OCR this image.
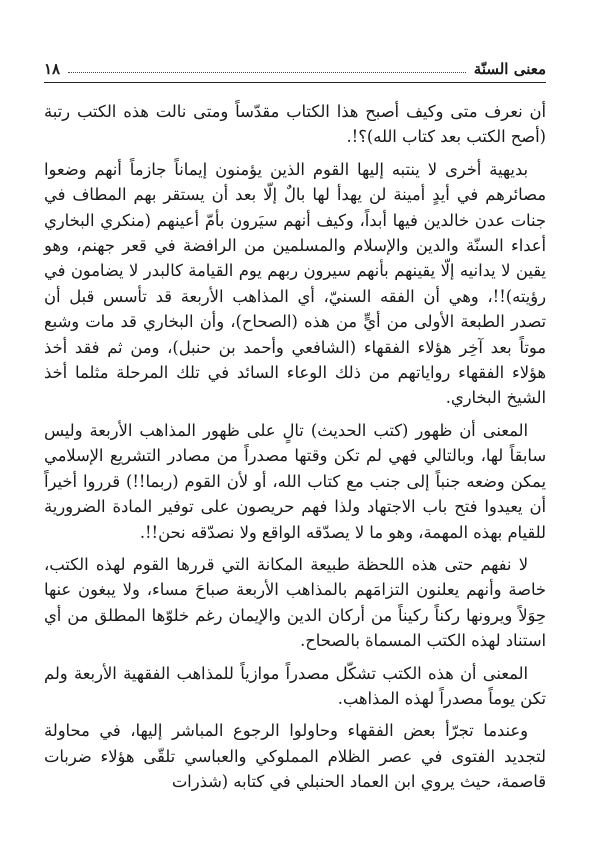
معنى السنّة
١٨

أن نعرف متى وكيف أصبح هذا الكتاب مقدّساً ومتى نالت هذه الكتب رتبة (أصح الكتب بعد كتاب الله)؟!.

بديهية أخرى لا ينتبه إليها القوم الذين يؤمنون إيماناً جازماً أنهم وضعوا مصائرهم في أيدٍ أمينة لن يهدأ لها بالٌ إلّا بعد أن يستقر بهم المطاف في جنات عدن خالدين فيها أبداً، وكيف أنهم سيَرون بأمّ أعينهم (منكري البخاري أعداء السنّة والدين والإسلام والمسلمين من الرافضة في قعر جهنم، وهو يقين لا يدانيه إلّا يقينهم بأنهم سيرون ربهم يوم القيامة كالبدر لا يضامون في رؤيته)!!، وهي أن الفقه السنيّ، أي المذاهب الأربعة قد تأسس قبل أن تصدر الطبعة الأولى من أيٍّ من هذه (الصحاح)، وأن البخاري قد مات وشبع موتاً بعد آخِر هؤلاء الفقهاء (الشافعي وأحمد بن حنبل)، ومن ثم فقد أخذ هؤلاء الفقهاء رواياتهم من ذلك الوعاء السائد في تلك المرحلة مثلما أخذ الشيخ البخاري.

المعنى أن ظهور (كتب الحديث) تالٍ على ظهور المذاهب الأربعة وليس سابقاً لها، وبالتالي فهي لم تكن وقتها مصدراً من مصادر التشريع الإسلامي يمكن وضعه جنباً إلى جنب مع كتاب الله، أو لأن القوم (ربما!!) قرروا أخيراً أن يعيدوا فتح باب الاجتهاد ولذا فهم حريصون على توفير المادة الضرورية للقيام بهذه المهمة، وهو ما لا يصدّقه الواقع ولا نصدّقه نحن!!.

لا نفهم حتى هذه اللحظة طبيعة المكانة التي قررها القوم لهذه الكتب، خاصة وأنهم يعلنون التزامَهم بالمذاهب الأربعة صباحَ مساء، ولا يبغون عنها حِوَلاً ويرونها ركناً ركيناً من أركان الدين والإيمان رغم خلوّها المطلق من أي استناد لهذه الكتب المسماة بالصحاح.

المعنى أن هذه الكتب تشكّل مصدراً موازياً للمذاهب الفقهية الأربعة ولم تكن يوماً مصدراً لهذه المذاهب.

وعندما تجرّأ بعض الفقهاء وحاولوا الرجوع المباشر إليها، في محاولة لتجديد الفتوى في عصر الظلام المملوكي والعباسي تلقّى هؤلاء ضربات قاصمة، حيث يروي ابن العماد الحنبلي في كتابه (شذرات
